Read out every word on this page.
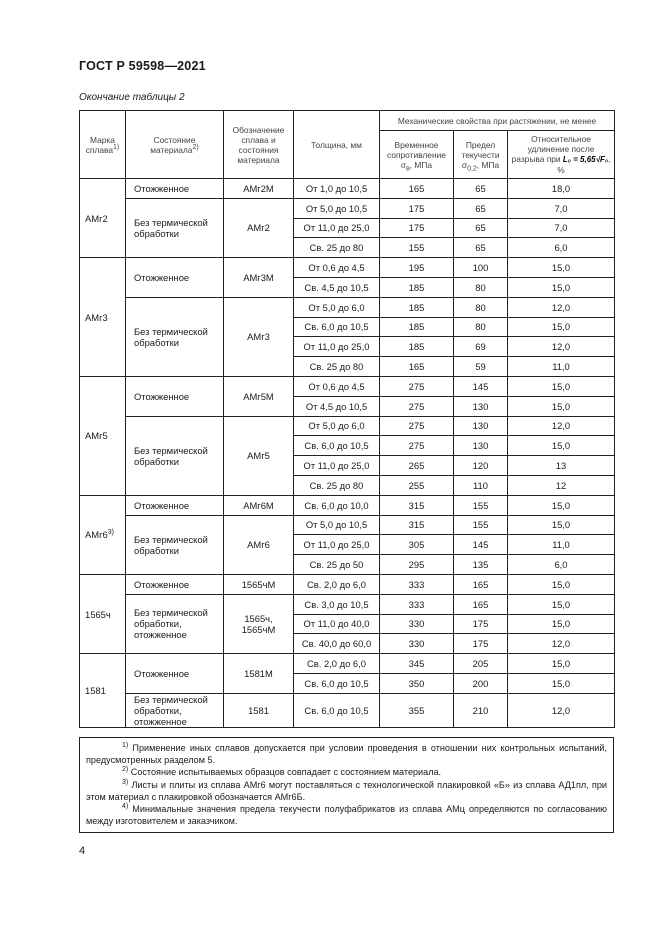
ГОСТ Р 59598—2021
Окончание таблицы 2
Марка сплава$^{1)}$	Состояние материала$^{2)}$	Обозначение сплава и состояния материала	Толщина, мм	Механические свойства при растяжении, не менее		
				Временное сопротивление $\sigma_в$, МПа	Предел текучести $\sigma_{0,2}$, МПа	Относительное удлинение после разрыва при L₀ = 5,65√F₀, %
АМг2	Отожженное	АМг2М	От 1,0 до 10,5	165	65	18,0
	Без термической обработки	АМг2	От 5,0 до 10,5	175	65	7,0
			От 11,0 до 25,0	175	65	7,0
			Св. 25 до 80	155	65	6,0
АМг3	Отожженное	АМг3М	От 0,6 до 4,5	195	100	15,0
			Св. 4,5 до 10,5	185	80	15,0
	Без термической обработки	АМг3	От 5,0 до 6,0	185	80	12,0
			Св. 6,0 до 10,5	185	80	15,0
			От 11,0 до 25,0	185	69	12,0
			Св. 25 до 80	165	59	11,0
АМг5	Отожженное	АМг5М	От 0,6 до 4,5	275	145	15,0
			От 4,5 до 10,5	275	130	15,0
	Без термической обработки	АМг5	От 5,0 до 6,0	275	130	12,0
			Св. 6,0 до 10,5	275	130	15,0
			От 11,0 до 25,0	265	120	13
			Св. 25 до 80	255	110	12
АМг6$^{3)}$	Отожженное	АМг6М	Св. 6,0 до 10,0	315	155	15,0
	Без термической обработки	АМг6	От 5,0 до 10,5	315	155	15,0
			От 11,0 до 25,0	305	145	11,0
			Св. 25 до 50	295	135	6,0
1565ч	Отожженное	1565чМ	Св. 2,0 до 6,0	333	165	15,0
	Без термической обработки, отожженное	1565ч, 1565чМ	Св. 3,0 до 10,5	333	165	15,0
			От 11,0 до 40,0	330	175	15,0
			Св. 40,0 до 60,0	330	175	12,0
1581	Отожженное	1581М	Св. 2,0 до 6,0	345	205	15,0
			Св. 6,0 до 10,5	350	200	15,0
	Без термической обработки, отожженное	1581	Св. 6,0 до 10,5	355	210	12,0

$^{1)}$ Применение иных сплавов допускается при условии проведения в отношении них контрольных испытаний, предусмотренных разделом 5.

$^{2)}$ Состояние испытываемых образцов совпадает с состоянием материала.

$^{3)}$ Листы и плиты из сплава АМг6 могут поставляться с технологической плакировкой «Б» из сплава АД1пл, при этом материал с плакировкой обозначается АМг6Б.

$^{4)}$ Минимальные значения предела текучести полуфабрикатов из сплава АМц определяются по согласованию между изготовителем и заказчиком.

4
